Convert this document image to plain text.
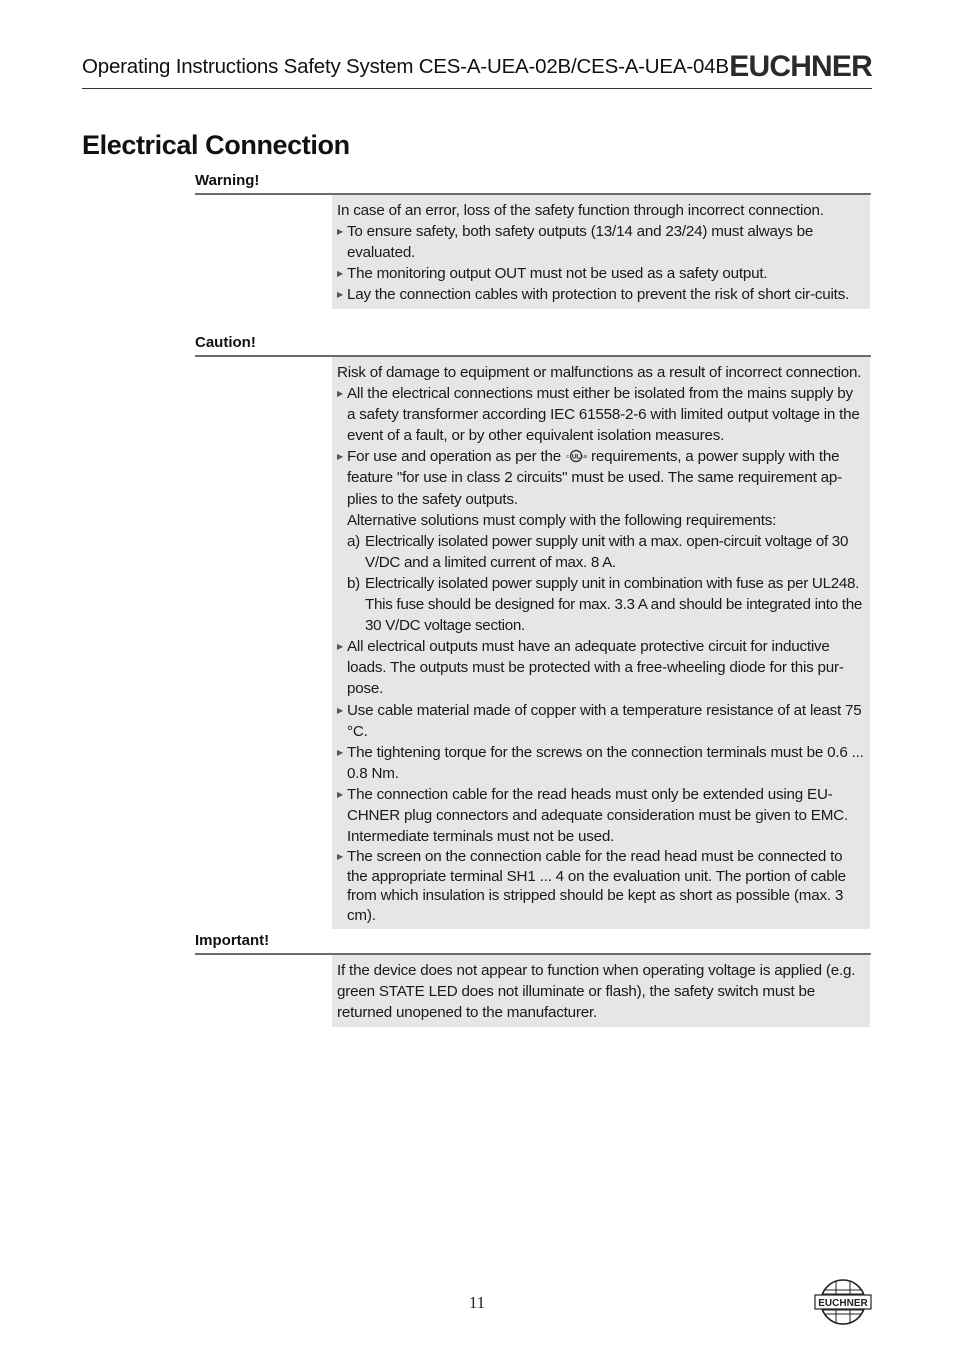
Operating Instructions Safety System CES-A-UEA-02B/CES-A-UEA-04B EUCHNER
Electrical Connection
Warning!
In case of an error, loss of the safety function through incorrect connection.
▶ To ensure safety, both safety outputs (13/14 and 23/24) must always be evaluated.
▶ The monitoring output OUT must not be used as a safety output.
▶ Lay the connection cables with protection to prevent the risk of short cir-cuits.
Caution!
Risk of damage to equipment or malfunctions as a result of incorrect connection.
▶ All the electrical connections must either be isolated from the mains supply by a safety transformer according IEC 61558-2-6 with limited output voltage in the event of a fault, or by other equivalent isolation measures.
▶ For use and operation as per the UL
c	us requirements, a power supply with the feature "for use in class 2 circuits" must be used. The same requirement ap-plies to the safety outputs.
Alternative solutions must comply with the following requirements:
a) Electrically isolated power supply unit with a max. open-circuit voltage of 30 V/DC and a limited current of max. 8 A.
b) Electrically isolated power supply unit in combination with fuse as per UL248. This fuse should be designed for max. 3.3 A and should be integrated into the 30 V/DC voltage section.
▶ All electrical outputs must have an adequate protective circuit for inductive loads. The outputs must be protected with a free-wheeling diode for this pur-pose.
▶ Use cable material made of copper with a temperature resistance of at least 75 °C.
▶ The tightening torque for the screws on the connection terminals must be 0.6 ... 0.8 Nm.
▶ The connection cable for the read heads must only be extended using EU-CHNER plug connectors and adequate consideration must be given to EMC. Intermediate terminals must not be used.
▶ The screen on the connection cable for the read head must be connected to the appropriate terminal SH1 ... 4 on the evaluation unit. The portion of cable from which insulation is stripped should be kept as short as possible (max. 3 cm).
Important!
If the device does not appear to function when operating voltage is applied (e.g. green STATE LED does not illuminate or flash), the safety switch must be returned unopened to the manufacturer.
11	EUCHNER
